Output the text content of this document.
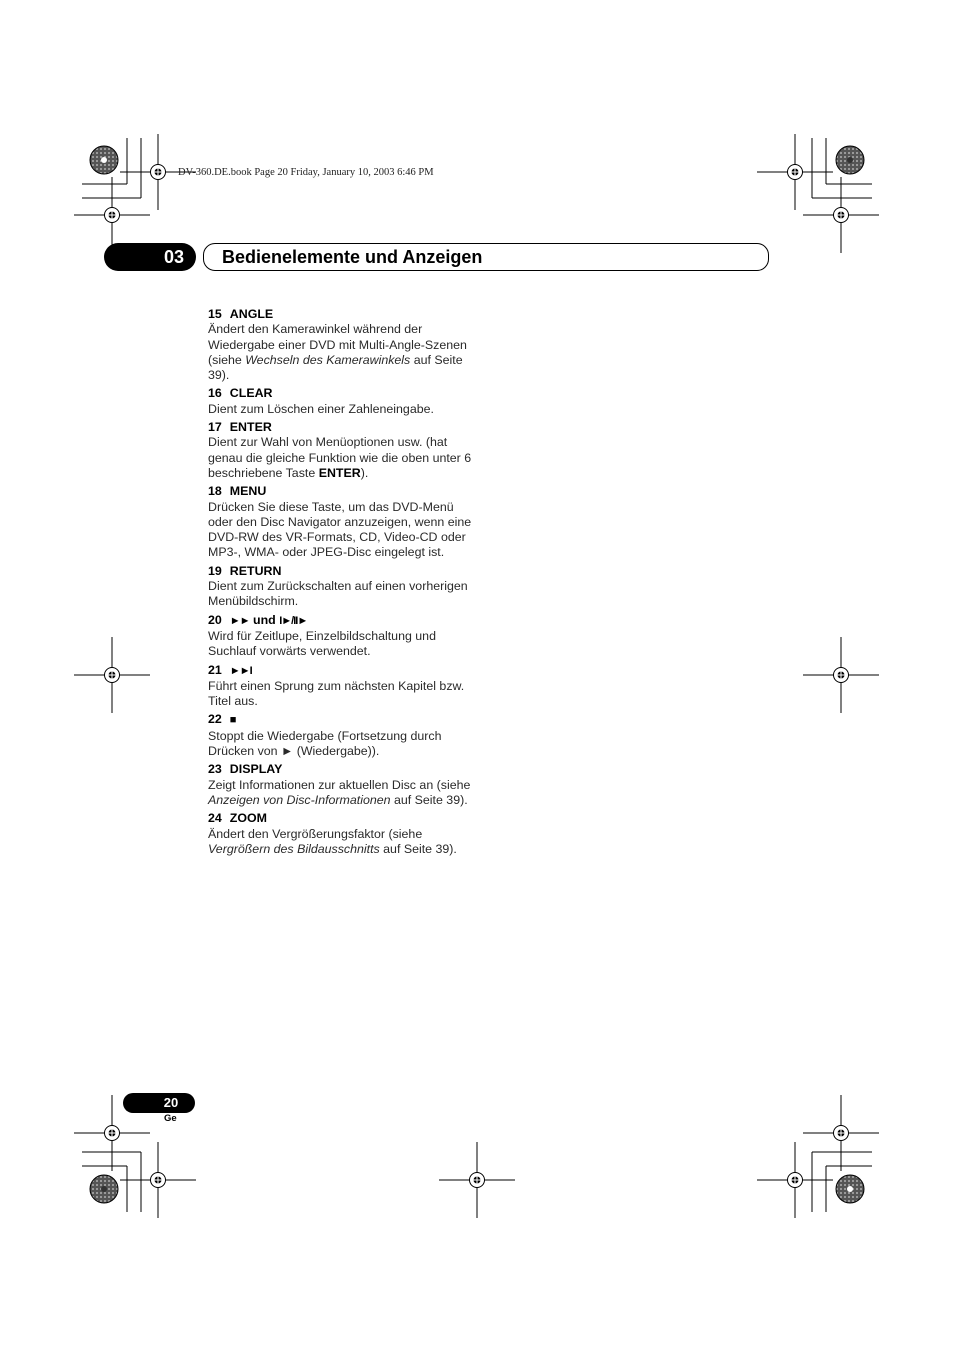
DV-360.DE.book Page 20 Friday, January 10, 2003 6:46 PM
03 Bedienelemente und Anzeigen
15 ANGLE
Ändert den Kamerawinkel während der Wiedergabe einer DVD mit Multi-Angle-Szenen (siehe Wechseln des Kamerawinkels auf Seite 39).
16 CLEAR
Dient zum Löschen einer Zahleneingabe.
17 ENTER
Dient zur Wahl von Menüoptionen usw. (hat genau die gleiche Funktion wie die oben unter 6 beschriebene Taste ENTER).
18 MENU
Drücken Sie diese Taste, um das DVD-Menü oder den Disc Navigator anzuzeigen, wenn eine DVD-RW des VR-Formats, CD, Video-CD oder MP3-, WMA- oder JPEG-Disc eingelegt ist.
19 RETURN
Dient zum Zurückschalten auf einen vorherigen Menübildschirm.
20 ►► und I►/II►
Wird für Zeitlupe, Einzelbildschaltung und Suchlauf vorwärts verwendet.
21 ►►I
Führt einen Sprung zum nächsten Kapitel bzw. Titel aus.
22 ■
Stoppt die Wiedergabe (Fortsetzung durch Drücken von ► (Wiedergabe)).
23 DISPLAY
Zeigt Informationen zur aktuellen Disc an (siehe Anzeigen von Disc-Informationen auf Seite 39).
24 ZOOM
Ändert den Vergrößerungsfaktor (siehe Vergrößern des Bildausschnitts auf Seite 39).
20
Ge
